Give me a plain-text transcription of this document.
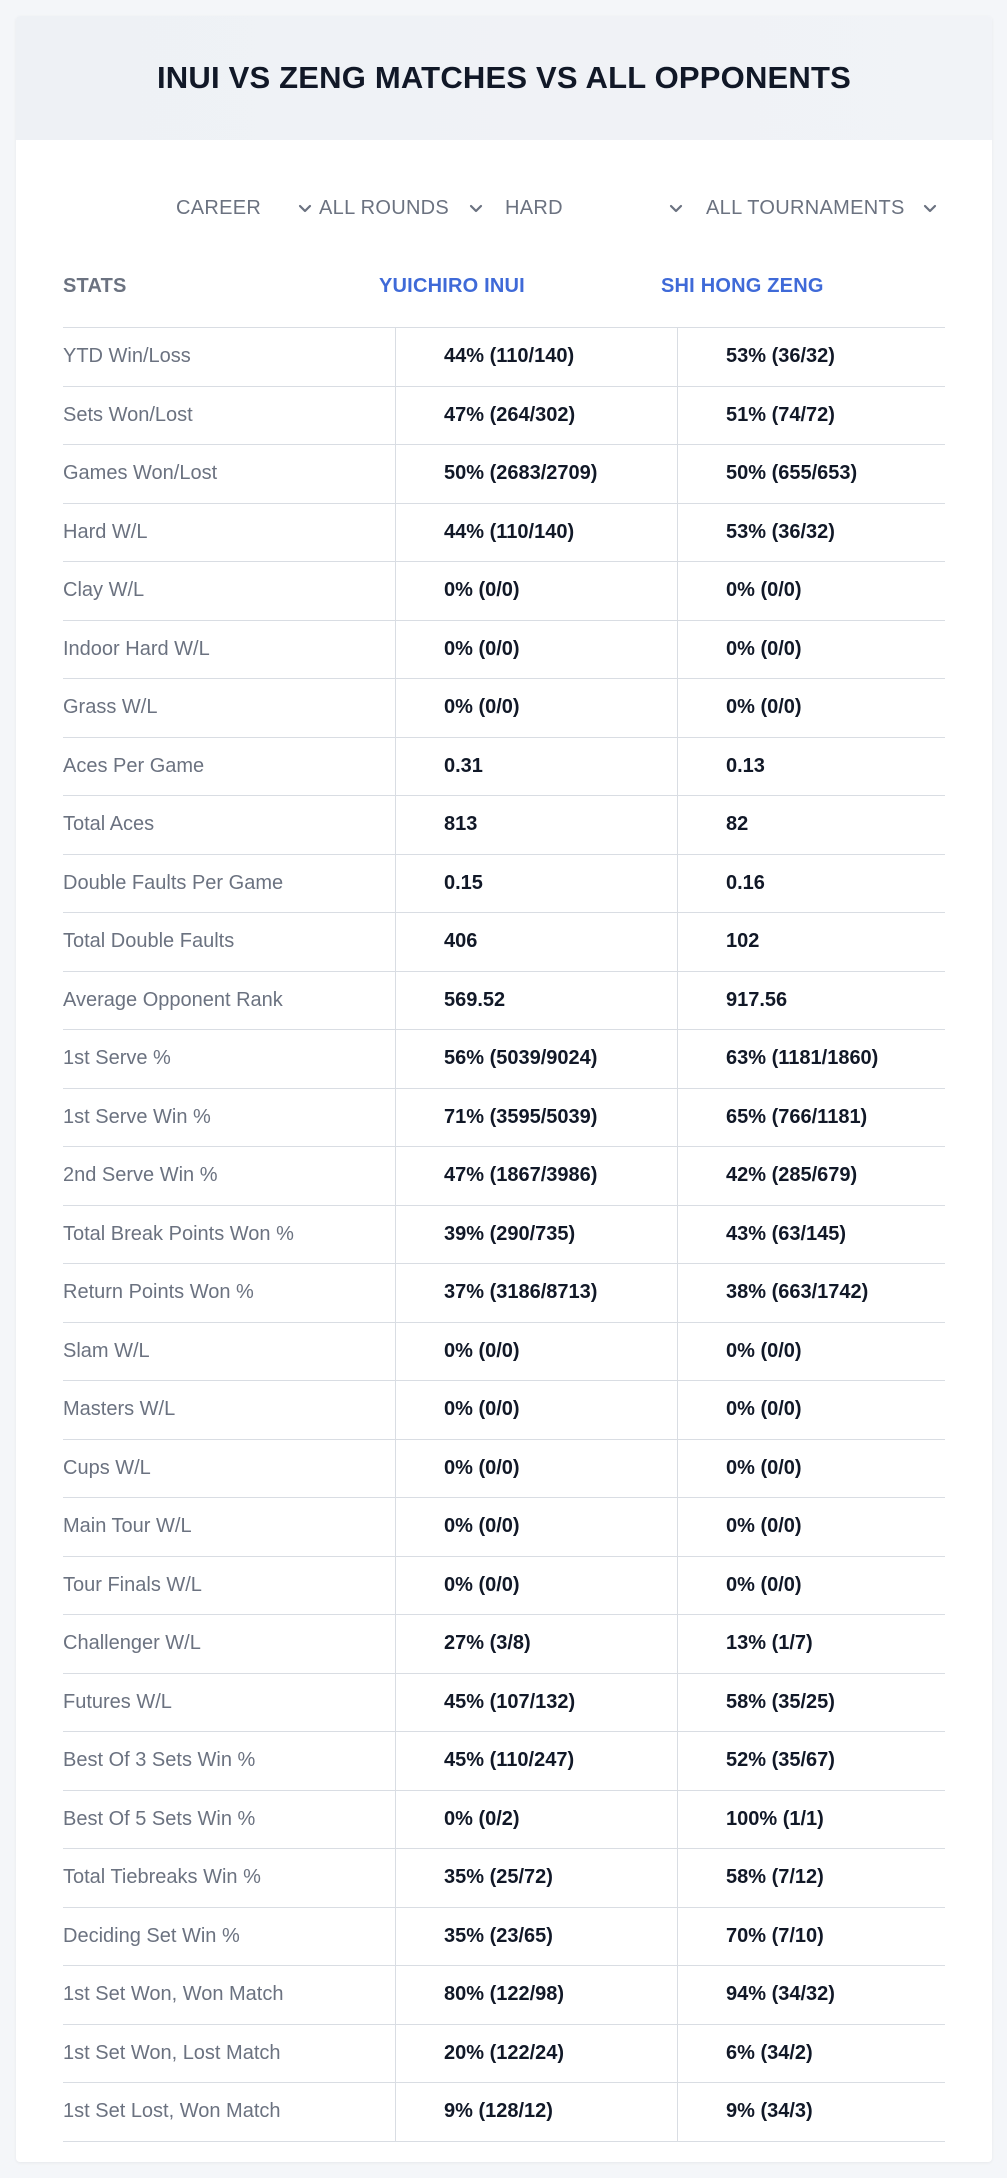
INUI VS ZENG MATCHES VS ALL OPPONENTS
CAREER	ALL ROUNDS	HARD	ALL TOURNAMENTS
STATS	YUICHIRO INUI	SHI HONG ZENG
YTD Win/Loss	44% (110/140)	53% (36/32)
Sets Won/Lost	47% (264/302)	51% (74/72)
Games Won/Lost	50% (2683/2709)	50% (655/653)
Hard W/L	44% (110/140)	53% (36/32)
Clay W/L	0% (0/0)	0% (0/0)
Indoor Hard W/L	0% (0/0)	0% (0/0)
Grass W/L	0% (0/0)	0% (0/0)
Aces Per Game	0.31	0.13
Total Aces	813	82
Double Faults Per Game	0.15	0.16
Total Double Faults	406	102
Average Opponent Rank	569.52	917.56
1st Serve %	56% (5039/9024)	63% (1181/1860)
1st Serve Win %	71% (3595/5039)	65% (766/1181)
2nd Serve Win %	47% (1867/3986)	42% (285/679)
Total Break Points Won %	39% (290/735)	43% (63/145)
Return Points Won %	37% (3186/8713)	38% (663/1742)
Slam W/L	0% (0/0)	0% (0/0)
Masters W/L	0% (0/0)	0% (0/0)
Cups W/L	0% (0/0)	0% (0/0)
Main Tour W/L	0% (0/0)	0% (0/0)
Tour Finals W/L	0% (0/0)	0% (0/0)
Challenger W/L	27% (3/8)	13% (1/7)
Futures W/L	45% (107/132)	58% (35/25)
Best Of 3 Sets Win %	45% (110/247)	52% (35/67)
Best Of 5 Sets Win %	0% (0/2)	100% (1/1)
Total Tiebreaks Win %	35% (25/72)	58% (7/12)
Deciding Set Win %	35% (23/65)	70% (7/10)
1st Set Won, Won Match	80% (122/98)	94% (34/32)
1st Set Won, Lost Match	20% (122/24)	6% (34/2)
1st Set Lost, Won Match	9% (128/12)	9% (34/3)
